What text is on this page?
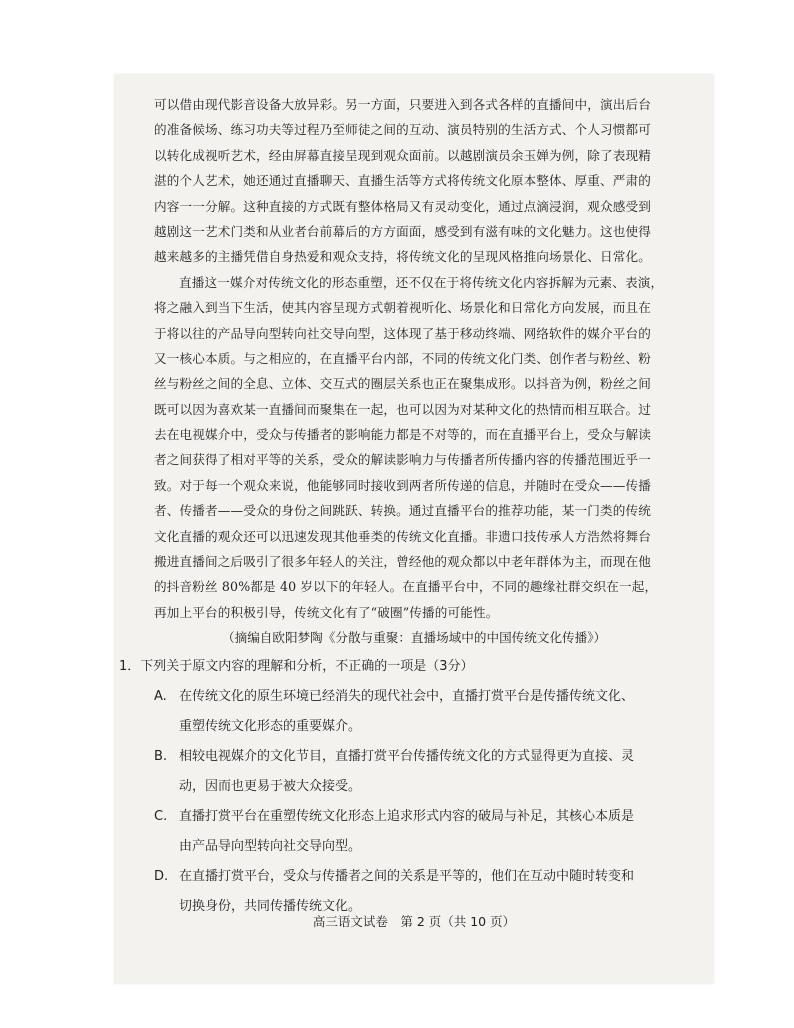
可以借由现代影音设备大放异彩。另一方面，只要进入到各式各样的直播间中，演出后台
的准备候场、练习功夫等过程乃至师徒之间的互动、演员特别的生活方式、个人习惯都可
以转化成视听艺术，经由屏幕直接呈现到观众面前。以越剧演员余玉婵为例，除了表现精
湛的个人艺术，她还通过直播聊天、直播生活等方式将传统文化原本整体、厚重、严肃的
内容一一分解。这种直接的方式既有整体格局又有灵动变化，通过点滴浸润，观众感受到
越剧这一艺术门类和从业者台前幕后的方方面面，感受到有滋有味的文化魅力。这也使得
越来越多的主播凭借自身热爱和观众支持，将传统文化的呈现风格推向场景化、日常化。
直播这一媒介对传统文化的形态重塑，还不仅在于将传统文化内容拆解为元素、表演，
将之融入到当下生活，使其内容呈现方式朝着视听化、场景化和日常化方向发展，而且在
于将以往的产品导向型转向社交导向型，这体现了基于移动终端、网络软件的媒介平台的
又一核心本质。与之相应的，在直播平台内部，不同的传统文化门类、创作者与粉丝、粉
丝与粉丝之间的全息、立体、交互式的圈层关系也正在聚集成形。以抖音为例，粉丝之间
既可以因为喜欢某一直播间而聚集在一起，也可以因为对某种文化的热情而相互联合。过
去在电视媒介中，受众与传播者的影响能力都是不对等的，而在直播平台上，受众与解读
者之间获得了相对平等的关系，受众的解读影响力与传播者所传播内容的传播范围近乎一
致。对于每一个观众来说，他能够同时接收到两者所传递的信息，并随时在受众——传播
者、传播者——受众的身份之间跳跃、转换。通过直播平台的推荐功能，某一门类的传统
文化直播的观众还可以迅速发现其他垂类的传统文化直播。非遗口技传承人方浩然将舞台
搬进直播间之后吸引了很多年轻人的关注，曾经他的观众都以中老年群体为主，而现在他
的抖音粉丝 80%都是 40 岁以下的年轻人。在直播平台中，不同的趣缘社群交织在一起，
再加上平台的积极引导，传统文化有了“破圈”传播的可能性。
（摘编自欧阳梦陶《分散与重聚：直播场域中的中国传统文化传播》）
1．下列关于原文内容的理解和分析，不正确的一项是（3分）
A. 在传统文化的原生环境已经消失的现代社会中，直播打赏平台是传播传统文化、
重塑传统文化形态的重要媒介。
B. 相较电视媒介的文化节目，直播打赏平台传播传统文化的方式显得更为直接、灵
动，因而也更易于被大众接受。
C. 直播打赏平台在重塑传统文化形态上追求形式内容的破局与补足，其核心本质是
由产品导向型转向社交导向型。
D. 在直播打赏平台，受众与传播者之间的关系是平等的，他们在互动中随时转变和
切换身份，共同传播传统文化。
高三语文试卷　第 2 页（共 10 页）
